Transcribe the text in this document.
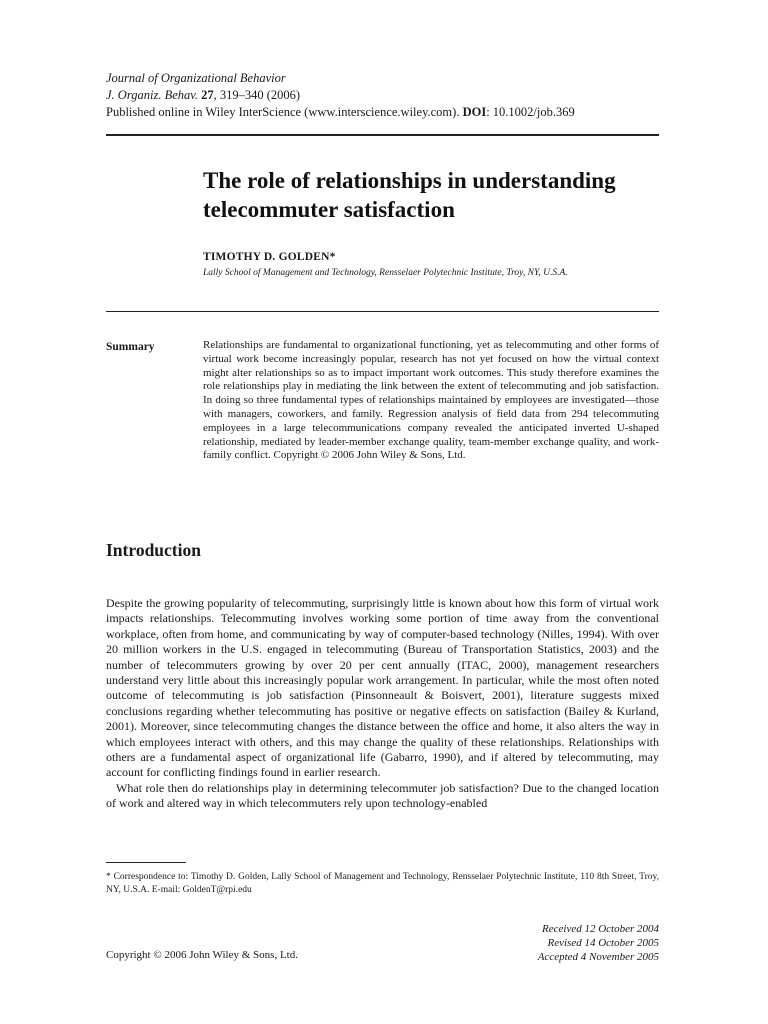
Journal of Organizational Behavior
J. Organiz. Behav. 27, 319–340 (2006)
Published online in Wiley InterScience (www.interscience.wiley.com). DOI: 10.1002/job.369
The role of relationships in understanding telecommuter satisfaction
TIMOTHY D. GOLDEN*
Lally School of Management and Technology, Rensselaer Polytechnic Institute, Troy, NY, U.S.A.
Summary	Relationships are fundamental to organizational functioning, yet as telecommuting and other forms of virtual work become increasingly popular, research has not yet focused on how the virtual context might alter relationships so as to impact important work outcomes. This study therefore examines the role relationships play in mediating the link between the extent of telecommuting and job satisfaction. In doing so three fundamental types of relationships maintained by employees are investigated—those with managers, coworkers, and family. Regression analysis of field data from 294 telecommuting employees in a large telecommunications company revealed the anticipated inverted U-shaped relationship, mediated by leader-member exchange quality, team-member exchange quality, and work-family conflict. Copyright © 2006 John Wiley & Sons, Ltd.
Introduction

Despite the growing popularity of telecommuting, surprisingly little is known about how this form of virtual work impacts relationships. Telecommuting involves working some portion of time away from the conventional workplace, often from home, and communicating by way of computer-based technology (Nilles, 1994). With over 20 million workers in the U.S. engaged in telecommuting (Bureau of Transportation Statistics, 2003) and the number of telecommuters growing by over 20 per cent annually (ITAC, 2000), management researchers understand very little about this increasingly popular work arrangement. In particular, while the most often noted outcome of telecommuting is job satisfaction (Pinsonneault & Boisvert, 2001), literature suggests mixed conclusions regarding whether telecommuting has positive or negative effects on satisfaction (Bailey & Kurland, 2001). Moreover, since telecommuting changes the distance between the office and home, it also alters the way in which employees interact with others, and this may change the quality of these relationships. Relationships with others are a fundamental aspect of organizational life (Gabarro, 1990), and if altered by telecommuting, may account for conflicting findings found in earlier research.

What role then do relationships play in determining telecommuter job satisfaction? Due to the changed location of work and altered way in which telecommuters rely upon technology-enabled

* Correspondence to: Timothy D. Golden, Lally School of Management and Technology, Rensselaer Polytechnic Institute, 110 8th Street, Troy, NY, U.S.A. E-mail: GoldenT@rpi.edu
Copyright © 2006 John Wiley & Sons, Ltd.
Received 12 October 2004
Revised 14 October 2005
Accepted 4 November 2005
